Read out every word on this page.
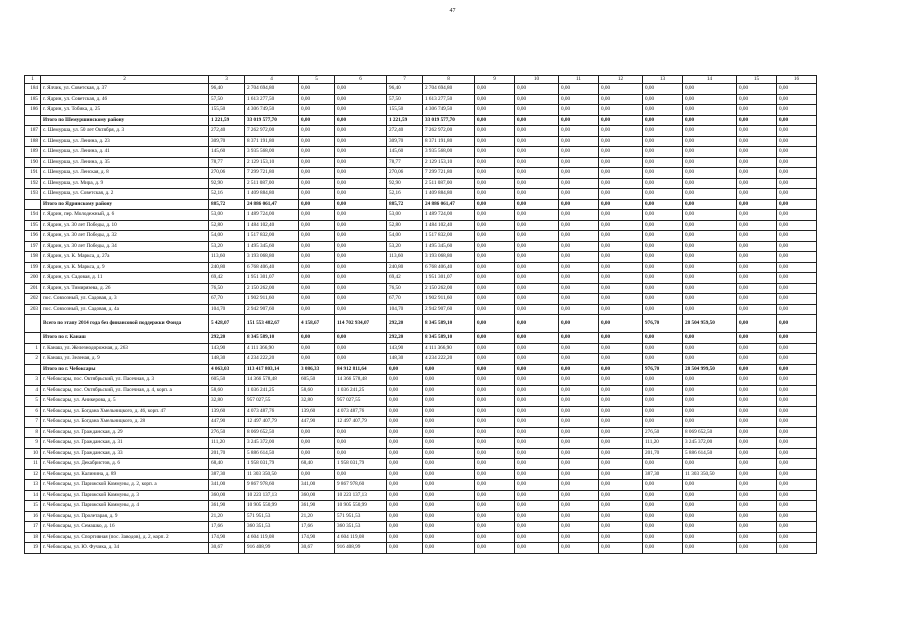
47
1	2	3	4	5	6	7	8	9	10	11	12	13	14	15	16
184	г. Ялчик, ул. Советская, д. 37	96,40	2 704 694,80	0,00	0,00	96,40	2 704 694,80	0,00	0,00	0,00	0,00	0,00	0,00	0,00	0,00
185	г. Ядрин, ул. Советская, д. 46	57,50	1 613 277,50	0,00	0,00	57,50	1 613 277,50	0,00	0,00	0,00	0,00	0,00	0,00	0,00	0,00
186	г. Ядрин, ул. Тобика, д. 25	155,50	4 306 749,50	0,00	0,00	155,50	4 306 749,50	0,00	0,00	0,00	0,00	0,00	0,00	0,00	0,00
	Итого по Шемуршинскому району	1 221,59	33 019 577,70	0,00	0,00	1 221,59	33 019 577,70	0,00	0,00	0,00	0,00	0,00	0,00	0,00	0,00
187	с. Шемурша, ул. 50 лет Октября, д. 3	272,40	7 262 972,00	0,00	0,00	272,40	7 262 972,00	0,00	0,00	0,00	0,00	0,00	0,00	0,00	0,00
188	с. Шемурша, ул. Ленина, д. 23	309,70	8 371 191,80	0,00	0,00	309,70	8 371 191,80	0,00	0,00	0,00	0,00	0,00	0,00	0,00	0,00
189	с. Шемурша, ул. Ленина, д. 41	145,60	3 935 568,00	0,00	0,00	145,60	3 935 568,00	0,00	0,00	0,00	0,00	0,00	0,00	0,00	0,00
190	с. Шемурша, ул. Ленина, д. 35	78,77	2 129 153,10	0,00	0,00	78,77	2 129 153,10	0,00	0,00	0,00	0,00	0,00	0,00	0,00	0,00
191	с. Шемурша, ул. Ленская, д. 8	270,06	7 299 721,80	0,00	0,00	270,06	7 299 721,80	0,00	0,00	0,00	0,00	0,00	0,00	0,00	0,00
192	с. Шемурша, ул. Мира, д. 9	92,90	2 511 087,00	0,00	0,00	92,90	2 511 087,00	0,00	0,00	0,00	0,00	0,00	0,00	0,00	0,00
193	с. Шемурша, ул. Советская, д. 2	52,16	1 409 884,80	0,00	0,00	52,16	1 409 884,80	0,00	0,00	0,00	0,00	0,00	0,00	0,00	0,00
	Итого по Ядринскому району	885,72	24 886 061,47	0,00	0,00	885,72	24 886 061,47	0,00	0,00	0,00	0,00	0,00	0,00	0,00	0,00
194	г. Ядрин, пер. Молодежный, д. 6	53,00	1 489 724,00	0,00	0,00	53,00	1 489 724,00	0,00	0,00	0,00	0,00	0,00	0,00	0,00	0,00
195	г. Ядрин, ул. 30 лет Победы, д. 10	52,80	1 484 102,40	0,00	0,00	52,80	1 484 102,40	0,00	0,00	0,00	0,00	0,00	0,00	0,00	0,00
196	г. Ядрин, ул. 30 лет Победы, д. 32	54,00	1 517 832,00	0,00	0,00	54,00	1 517 832,00	0,00	0,00	0,00	0,00	0,00	0,00	0,00	0,00
197	г. Ядрин, ул. 30 лет Победы, д. 34	53,20	1 495 345,60	0,00	0,00	53,20	1 495 345,60	0,00	0,00	0,00	0,00	0,00	0,00	0,00	0,00
198	г. Ядрин, ул. К. Маркса, д. 27а	113,60	3 193 068,80	0,00	0,00	113,60	3 193 068,80	0,00	0,00	0,00	0,00	0,00	0,00	0,00	0,00
199	г. Ядрин, ул. К. Маркса, д. 9	240,80	6 768 406,40	0,00	0,00	240,80	6 768 406,40	0,00	0,00	0,00	0,00	0,00	0,00	0,00	0,00
200	г. Ядрин, ул. Садовая, д. 11	69,42	1 951 301,07	0,00	0,00	69,42	1 951 301,07	0,00	0,00	0,00	0,00	0,00	0,00	0,00	0,00
201	г. Ядрин, ул. Тимирязева, д. 26	76,50	2 150 262,00	0,00	0,00	76,50	2 150 262,00	0,00	0,00	0,00	0,00	0,00	0,00	0,00	0,00
202	пос. Совхозный, ул. Садовая, д. 3	67,70	1 902 911,60	0,00	0,00	67,70	1 902 911,60	0,00	0,00	0,00	0,00	0,00	0,00	0,00	0,00
203	пос. Совхозный, ул. Садовая, д. 4а	104,70	2 942 907,60	0,00	0,00	104,70	2 942 907,60	0,00	0,00	0,00	0,00	0,00	0,00	0,00	0,00
	Всего по этапу 2014 года без финансовой поддержки Фонда	5 428,07	151 553 482,67	4 158,67	114 702 934,07	292,20	8 345 589,10	0,00	0,00	0,00	0,00	976,70	28 504 959,50	0,00	0,00
	Итого по г. Канаш	292,20	8 345 589,10	0,00	0,00	292,20	8 345 589,10	0,00	0,00	0,00	0,00	0,00	0,00	0,00	0,00
1	г. Канаш, ул. Железнодорожная, д. 263	143,90	4 111 366,90	0,00	0,00	143,90	4 111 366,90	0,00	0,00	0,00	0,00	0,00	0,00	0,00	0,00
2	г. Канаш, ул. Зеленая, д. 9	148,30	4 234 222,20	0,00	0,00	148,30	4 234 222,20	0,00	0,00	0,00	0,00	0,00	0,00	0,00	0,00
	Итого по г. Чебоксары	4 063,03	113 417 803,14	3 086,33	84 912 811,64	0,00	0,00	0,00	0,00	0,00	0,00	976,70	28 504 999,50	0,00	0,00
3	г. Чебоксары, пос. Октябрьский, ул. Пасечная, д. 3	605,50	14 366 578,48	605,50	14 366 578,48	0,00	0,00	0,00	0,00	0,00	0,00	0,00	0,00	0,00	0,00
4	г. Чебоксары, пос. Октябрьский, ул. Пасечная, д. 4, корп. а	58,60	1 036 241,25	58,60	1 036 241,25	0,00	0,00	0,00	0,00	0,00	0,00	0,00	0,00	0,00	0,00
5	г. Чебоксары, ул. Аникерова, д. 5	32,80	957 027,55	32,80	957 027,55	0,00	0,00	0,00	0,00	0,00	0,00	0,00	0,00	0,00	0,00
6	г. Чебоксары, ул. Богдана Хмельницкого, д. 46, корп. 47	139,60	4 073 487,76	139,60	4 073 487,76	0,00	0,00	0,00	0,00	0,00	0,00	0,00	0,00	0,00	0,00
7	г. Чебоксары, ул. Богдана Хмельницкого, д. 28	447,90	12 497 407,79	447,90	12 497 407,79	0,00	0,00	0,00	0,00	0,00	0,00	0,00	0,00	0,00	0,00
8	г. Чебоксары, ул. Гражданская, д. 29	276,50	8 069 652,50	0,00	0,00	0,00	0,00	0,00	0,00	0,00	0,00	276,50	8 069 652,50	0,00	0,00
9	г. Чебоксары, ул. Гражданская, д. 31	111,20	3 245 372,00	0,00	0,00	0,00	0,00	0,00	0,00	0,00	0,00	111,20	3 245 372,00	0,00	0,00
10	г. Чебоксары, ул. Гражданская, д. 33	201,70	5 886 614,50	0,00	0,00	0,00	0,00	0,00	0,00	0,00	0,00	201,70	5 886 614,50	0,00	0,00
11	г. Чебоксары, ул. Декабристов, д. 6	68,40	1 958 031,79	68,40	1 958 031,79	0,00	0,00	0,00	0,00	0,00	0,00	0,00	0,00	0,00	0,00
12	г. Чебоксары, ул. Калинина, д. 89	387,30	11 303 350,50	0,00	0,00	0,00	0,00	0,00	0,00	0,00	0,00	387,30	11 303 350,50	0,00	0,00
13	г. Чебоксары, ул. Парижской Коммуны, д. 2, корп. а	341,00	9 867 978,60	341,00	9 867 978,60	0,00	0,00	0,00	0,00	0,00	0,00	0,00	0,00	0,00	0,00
14	г. Чебоксары, ул. Парижской Коммуны, д. 3	360,00	10 223 137,13	360,00	10 223 137,13	0,00	0,00	0,00	0,00	0,00	0,00	0,00	0,00	0,00	0,00
15	г. Чебоксары, ул. Парижской Коммуны, д. 4	361,90	10 905 550,99	361,90	10 905 550,99	0,00	0,00	0,00	0,00	0,00	0,00	0,00	0,00	0,00	0,00
16	г. Чебоксары, ул. Пролетарая, д. 9	21,20	571 951,53	21,20	571 951,53	0,00	0,00	0,00	0,00	0,00	0,00	0,00	0,00	0,00	0,00
17	г. Чебоксары, ул. Семашко, д. 16	17,66	360 351,53	17,66	360 351,53	0,00	0,00	0,00	0,00	0,00	0,00	0,00	0,00	0,00	0,00
18	г. Чебоксары, ул. Спортивная (пос. Заводов), д. 2, корп. 2	174,90	4 604 119,08	174,90	4 604 119,08	0,00	0,00	0,00	0,00	0,00	0,00	0,00	0,00	0,00	0,00
19	г. Чебоксары, ул. Ю. Фучика, д. 34	30,67	916 408,99	30,67	916 408,99	0,00	0,00	0,00	0,00	0,00	0,00	0,00	0,00	0,00	0,00
